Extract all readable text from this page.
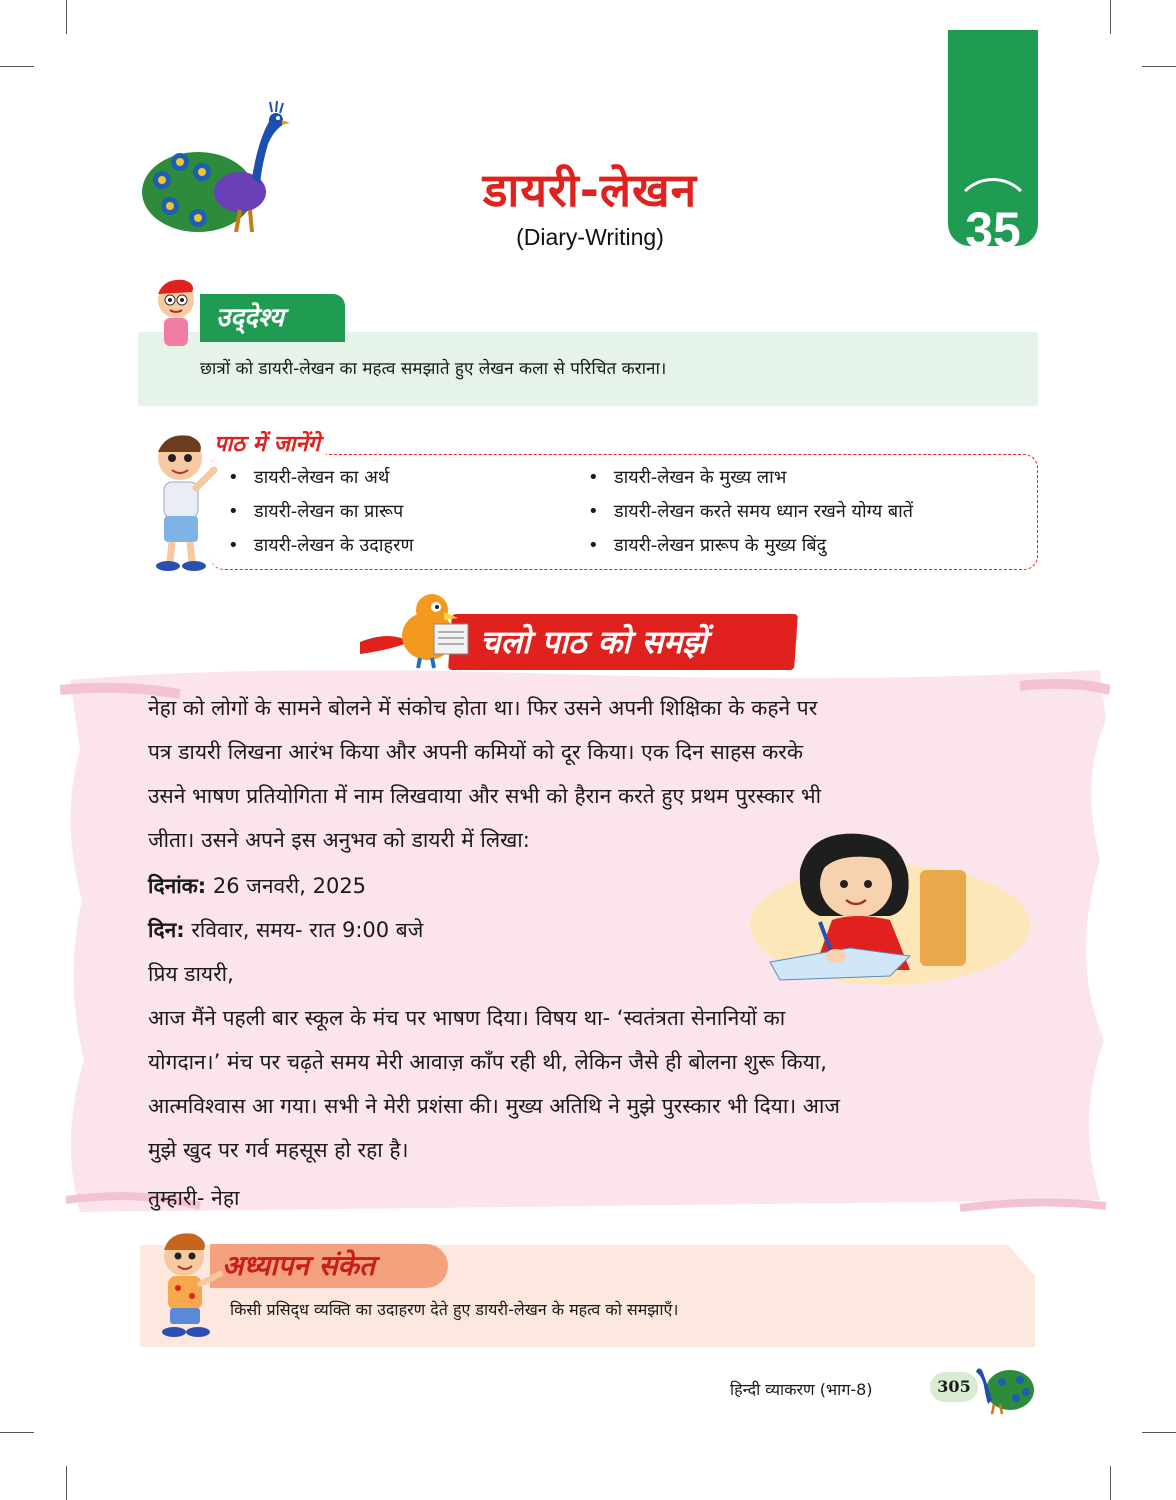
डायरी-लेखन
(Diary-Writing)	35
उद्‌देश्य
छात्रों को डायरी-लेखन का महत्व समझाते हुए लेखन कला से परिचित कराना।
पाठ में जानेंगे
• डायरी-लेखन का अर्थ
• डायरी-लेखन का प्रारूप
• डायरी-लेखन के उदाहरण
• डायरी-लेखन के मुख्य लाभ
• डायरी-लेखन करते समय ध्यान रखने योग्य बातें
• डायरी-लेखन प्रारूप के मुख्य बिंदु
चलो पाठ को समझें
नेहा को लोगों के सामने बोलने में संकोच होता था। फिर उसने अपनी शिक्षिका के कहने पर
पत्र डायरी लिखना आरंभ किया और अपनी कमियों को दूर किया। एक दिन साहस करके
उसने भाषण प्रतियोगिता में नाम लिखवाया और सभी को हैरान करते हुए प्रथम पुरस्कार भी
जीता। उसने अपने इस अनुभव को डायरी में लिखा:
दिनांक: 26 जनवरी, 2025
दिन: रविवार, समय- रात 9:00 बजे
प्रिय डायरी,
आज मैंने पहली बार स्कूल के मंच पर भाषण दिया। विषय था- ‘स्वतंत्रता सेनानियों का
योगदान।’ मंच पर चढ़ते समय मेरी आवाज़ काँप रही थी, लेकिन जैसे ही बोलना शुरू किया,
आत्मविश्वास आ गया। सभी ने मेरी प्रशंसा की। मुख्य अतिथि ने मुझे पुरस्कार भी दिया। आज
मुझे खुद पर गर्व महसूस हो रहा है।
तुम्हारी- नेहा
अध्यापन संकेत
किसी प्रसिद्‌ध व्यक्ति का उदाहरण देते हुए डायरी-लेखन के महत्व को समझाएँ।
हिन्दी व्याकरण (भाग-8)	305
